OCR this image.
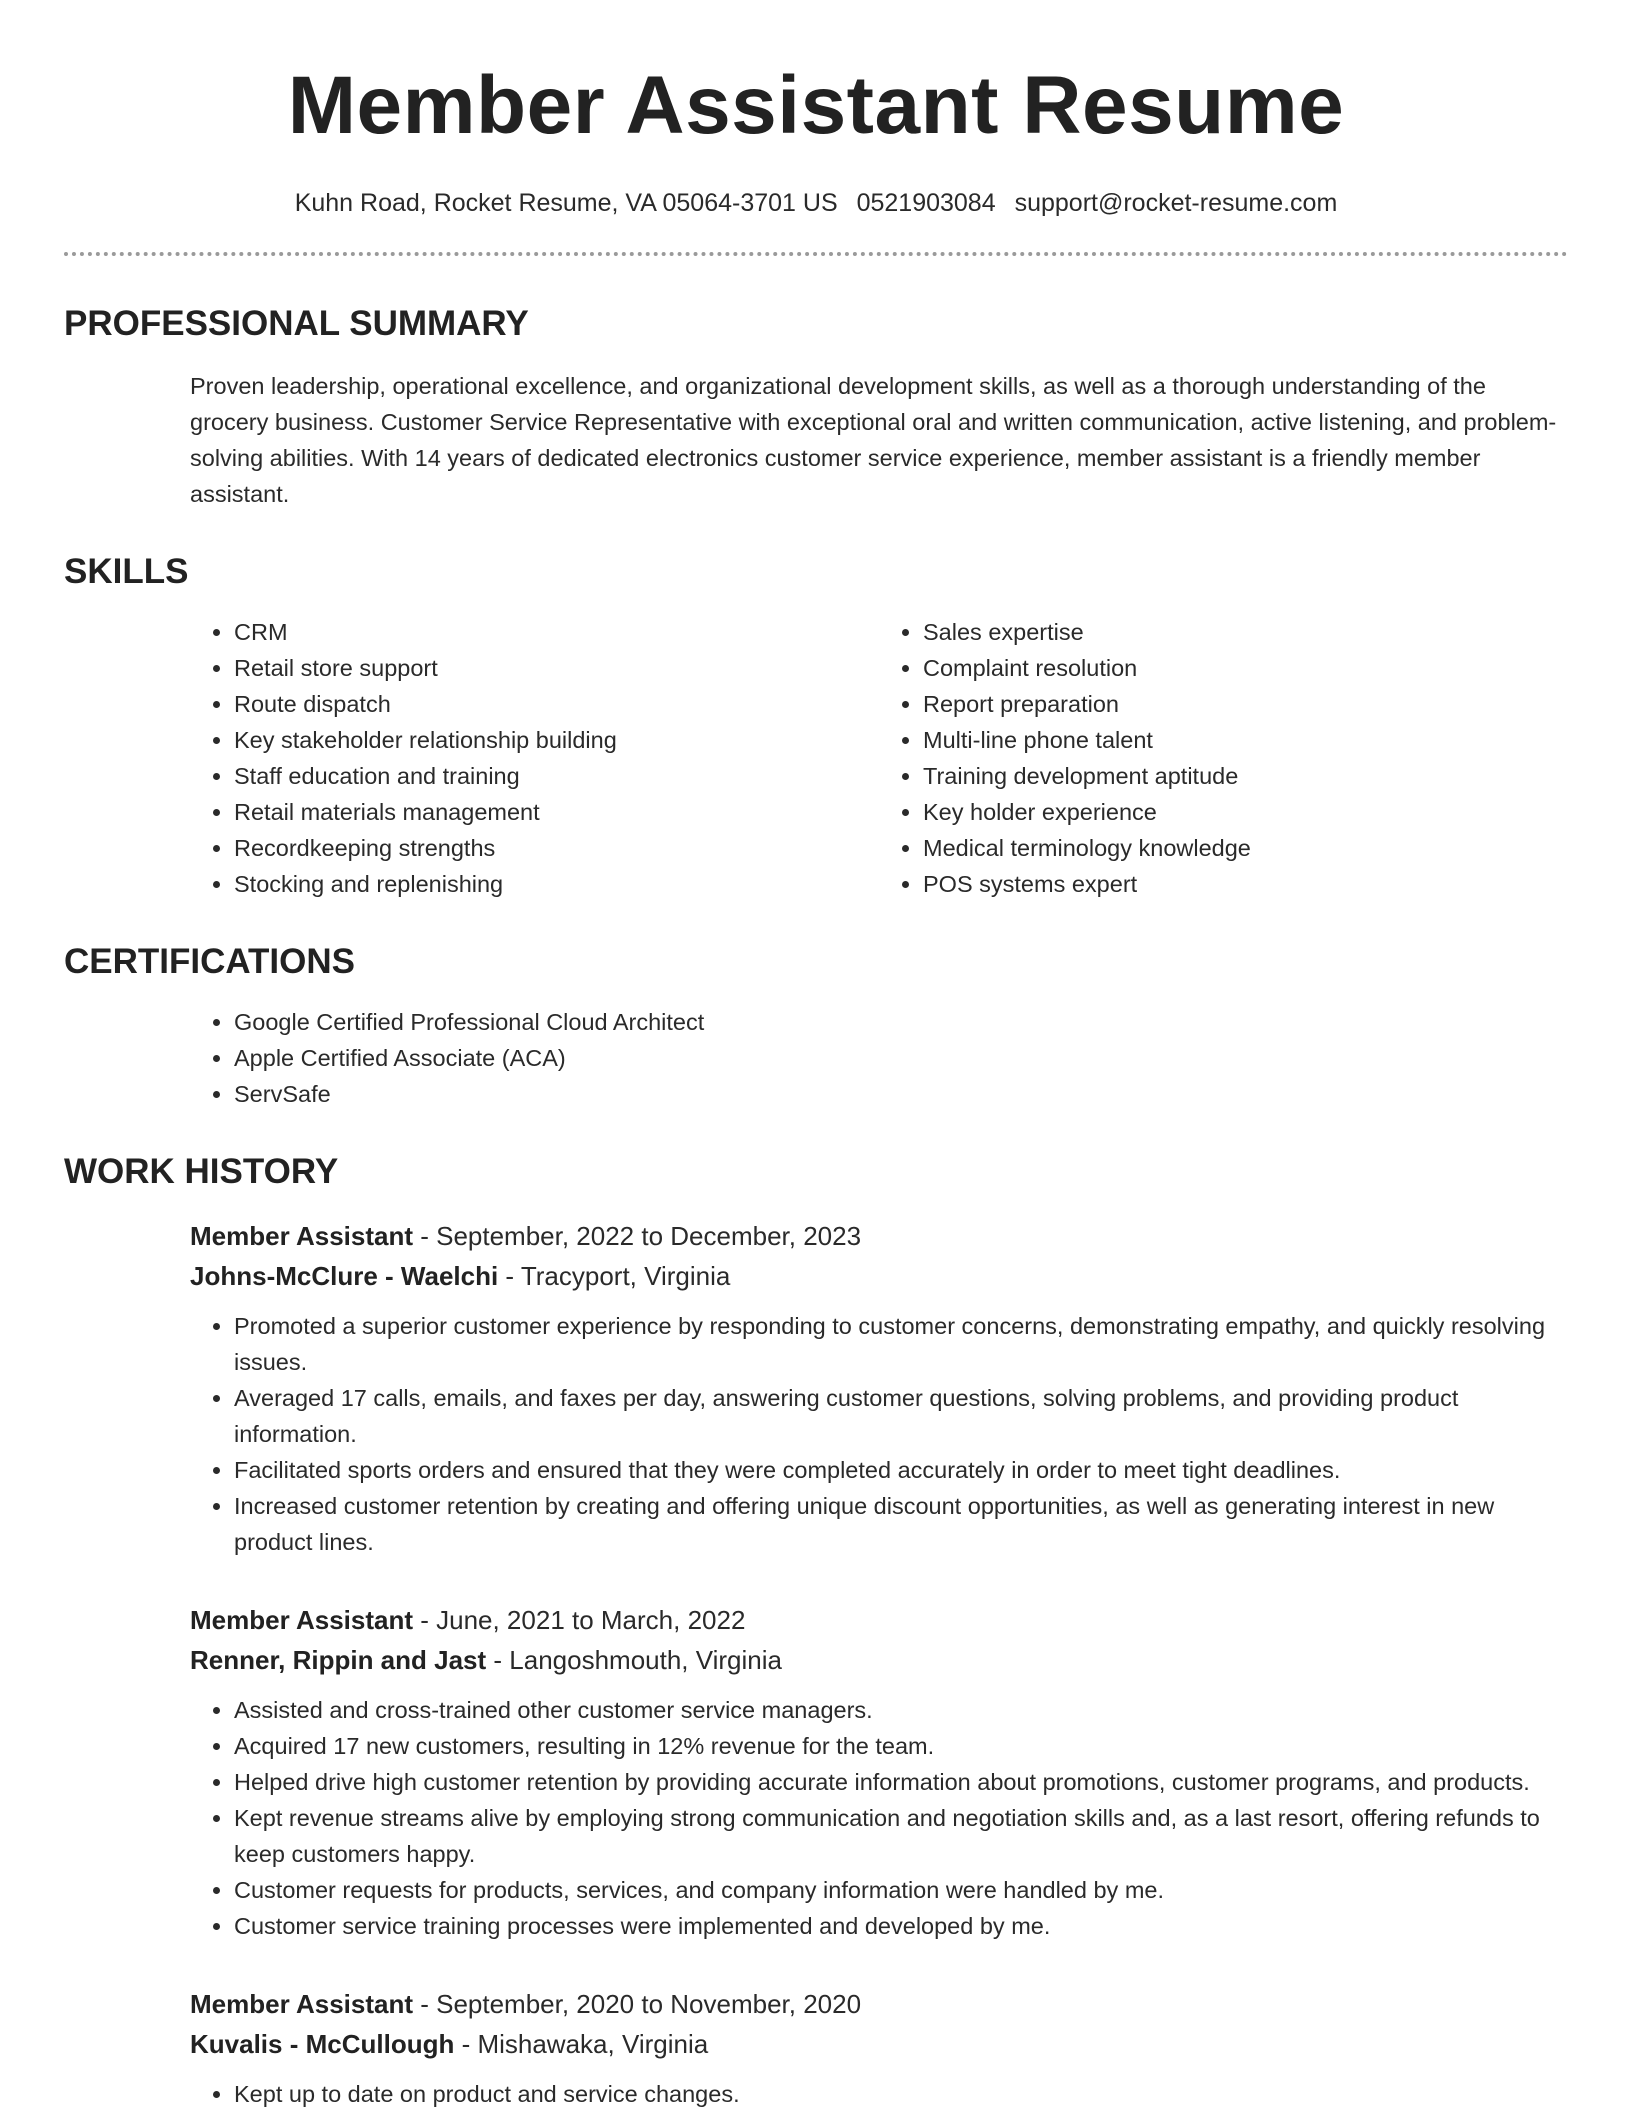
Member Assistant Resume
Kuhn Road, Rocket Resume, VA 05064-3701 US 0521903084 support@rocket-resume.com
PROFESSIONAL SUMMARY

Proven leadership, operational excellence, and organizational development skills, as well as a thorough understanding of the grocery business. Customer Service Representative with exceptional oral and written communication, active listening, and problem-solving abilities. With 14 years of dedicated electronics customer service experience, member assistant is a friendly member assistant.

SKILLS
• CRM
• Retail store support
• Route dispatch
• Key stakeholder relationship building
• Staff education and training
• Retail materials management
• Recordkeeping strengths
• Stocking and replenishing
• Sales expertise
• Complaint resolution
• Report preparation
• Multi-line phone talent
• Training development aptitude
• Key holder experience
• Medical terminology knowledge
• POS systems expert
CERTIFICATIONS
• Google Certified Professional Cloud Architect
• Apple Certified Associate (ACA)
• ServSafe
WORK HISTORY
Member Assistant - September, 2022 to December, 2023
Johns-McClure - Waelchi - Tracyport, Virginia
• Promoted a superior customer experience by responding to customer concerns, demonstrating empathy, and quickly resolving issues.
• Averaged 17 calls, emails, and faxes per day, answering customer questions, solving problems, and providing product information.
• Facilitated sports orders and ensured that they were completed accurately in order to meet tight deadlines.
• Increased customer retention by creating and offering unique discount opportunities, as well as generating interest in new product lines.
Member Assistant - June, 2021 to March, 2022
Renner, Rippin and Jast - Langoshmouth, Virginia
• Assisted and cross-trained other customer service managers.
• Acquired 17 new customers, resulting in 12% revenue for the team.
• Helped drive high customer retention by providing accurate information about promotions, customer programs, and products.
• Kept revenue streams alive by employing strong communication and negotiation skills and, as a last resort, offering refunds to keep customers happy.
• Customer requests for products, services, and company information were handled by me.
• Customer service training processes were implemented and developed by me.
Member Assistant - September, 2020 to November, 2020
Kuvalis - McCullough - Mishawaka, Virginia
• Kept up to date on product and service changes.
